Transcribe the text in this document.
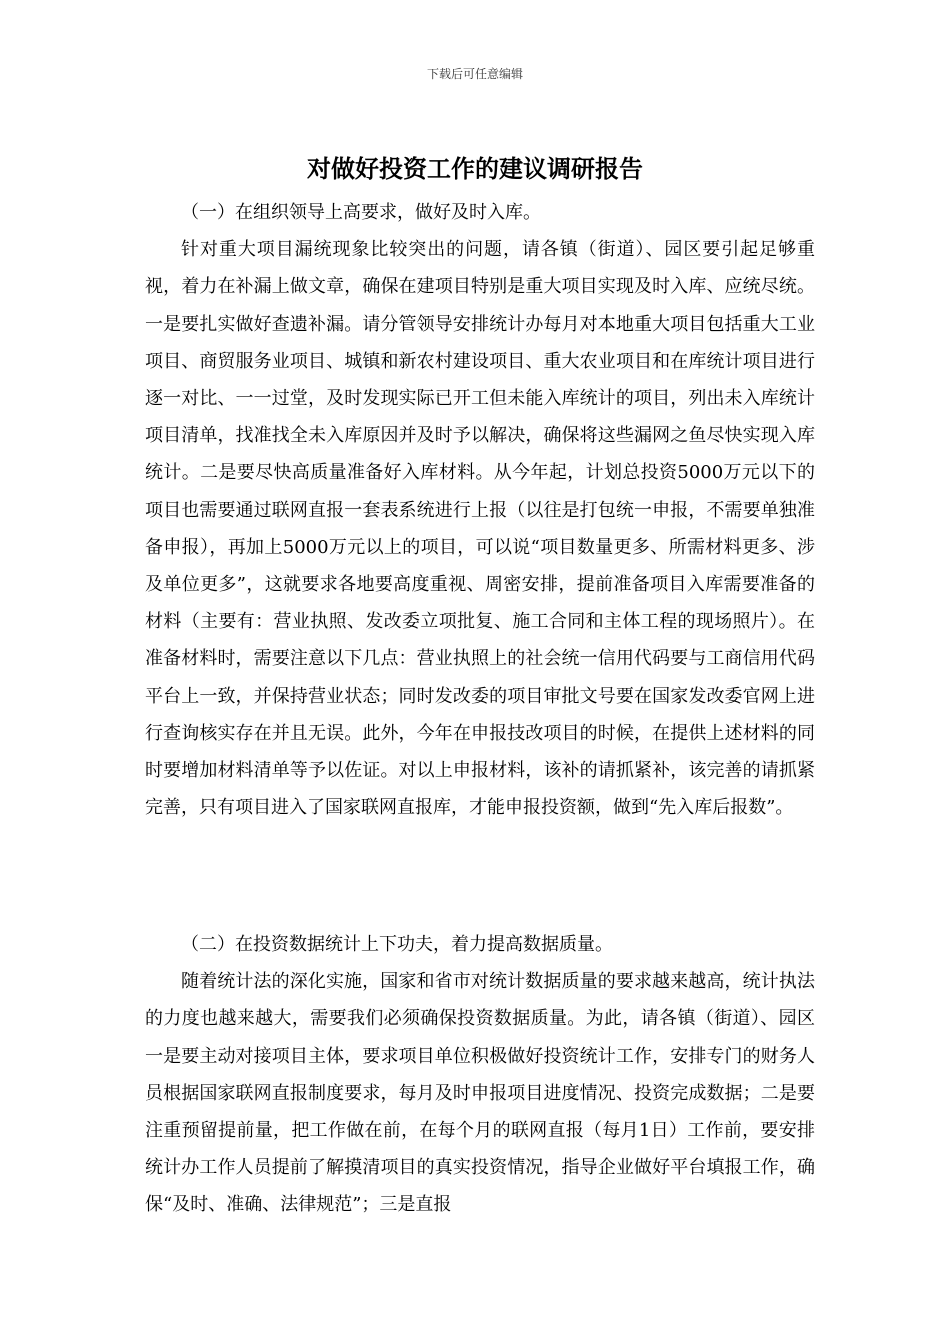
下载后可任意编辑
对做好投资工作的建议调研报告

（一）在组织领导上高要求，做好及时入库。

针对重大项目漏统现象比较突出的问题，请各镇（街道）、园区要引起足够重视，着力在补漏上做文章，确保在建项目特别是重大项目实现及时入库、应统尽统。一是要扎实做好查遗补漏。请分管领导安排统计办每月对本地重大项目包括重大工业项目、商贸服务业项目、城镇和新农村建设项目、重大农业项目和在库统计项目进行逐一对比、一一过堂，及时发现实际已开工但未能入库统计的项目，列出未入库统计项目清单，找准找全未入库原因并及时予以解决，确保将这些漏网之鱼尽快实现入库统计。二是要尽快高质量准备好入库材料。从今年起，计划总投资5000万元以下的项目也需要通过联网直报一套表系统进行上报（以往是打包统一申报，不需要单独准备申报），再加上5000万元以上的项目，可以说“项目数量更多、所需材料更多、涉及单位更多”，这就要求各地要高度重视、周密安排，提前准备项目入库需要准备的材料（主要有：营业执照、发改委立项批复、施工合同和主体工程的现场照片）。在准备材料时，需要注意以下几点：营业执照上的社会统一信用代码要与工商信用代码平台上一致，并保持营业状态；同时发改委的项目审批文号要在国家发改委官网上进行查询核实存在并且无误。此外，今年在申报技改项目的时候，在提供上述材料的同时要增加材料清单等予以佐证。对以上申报材料，该补的请抓紧补，该完善的请抓紧完善，只有项目进入了国家联网直报库，才能申报投资额，做到“先入库后报数”。

（二）在投资数据统计上下功夫，着力提高数据质量。

随着统计法的深化实施，国家和省市对统计数据质量的要求越来越高，统计执法的力度也越来越大，需要我们必须确保投资数据质量。为此，请各镇（街道）、园区一是要主动对接项目主体，要求项目单位积极做好投资统计工作，安排专门的财务人员根据国家联网直报制度要求，每月及时申报项目进度情况、投资完成数据；二是要注重预留提前量，把工作做在前，在每个月的联网直报（每月1日）工作前，要安排统计办工作人员提前了解摸清项目的真实投资情况，指导企业做好平台填报工作，确保“及时、准确、法律规范”；三是直报
